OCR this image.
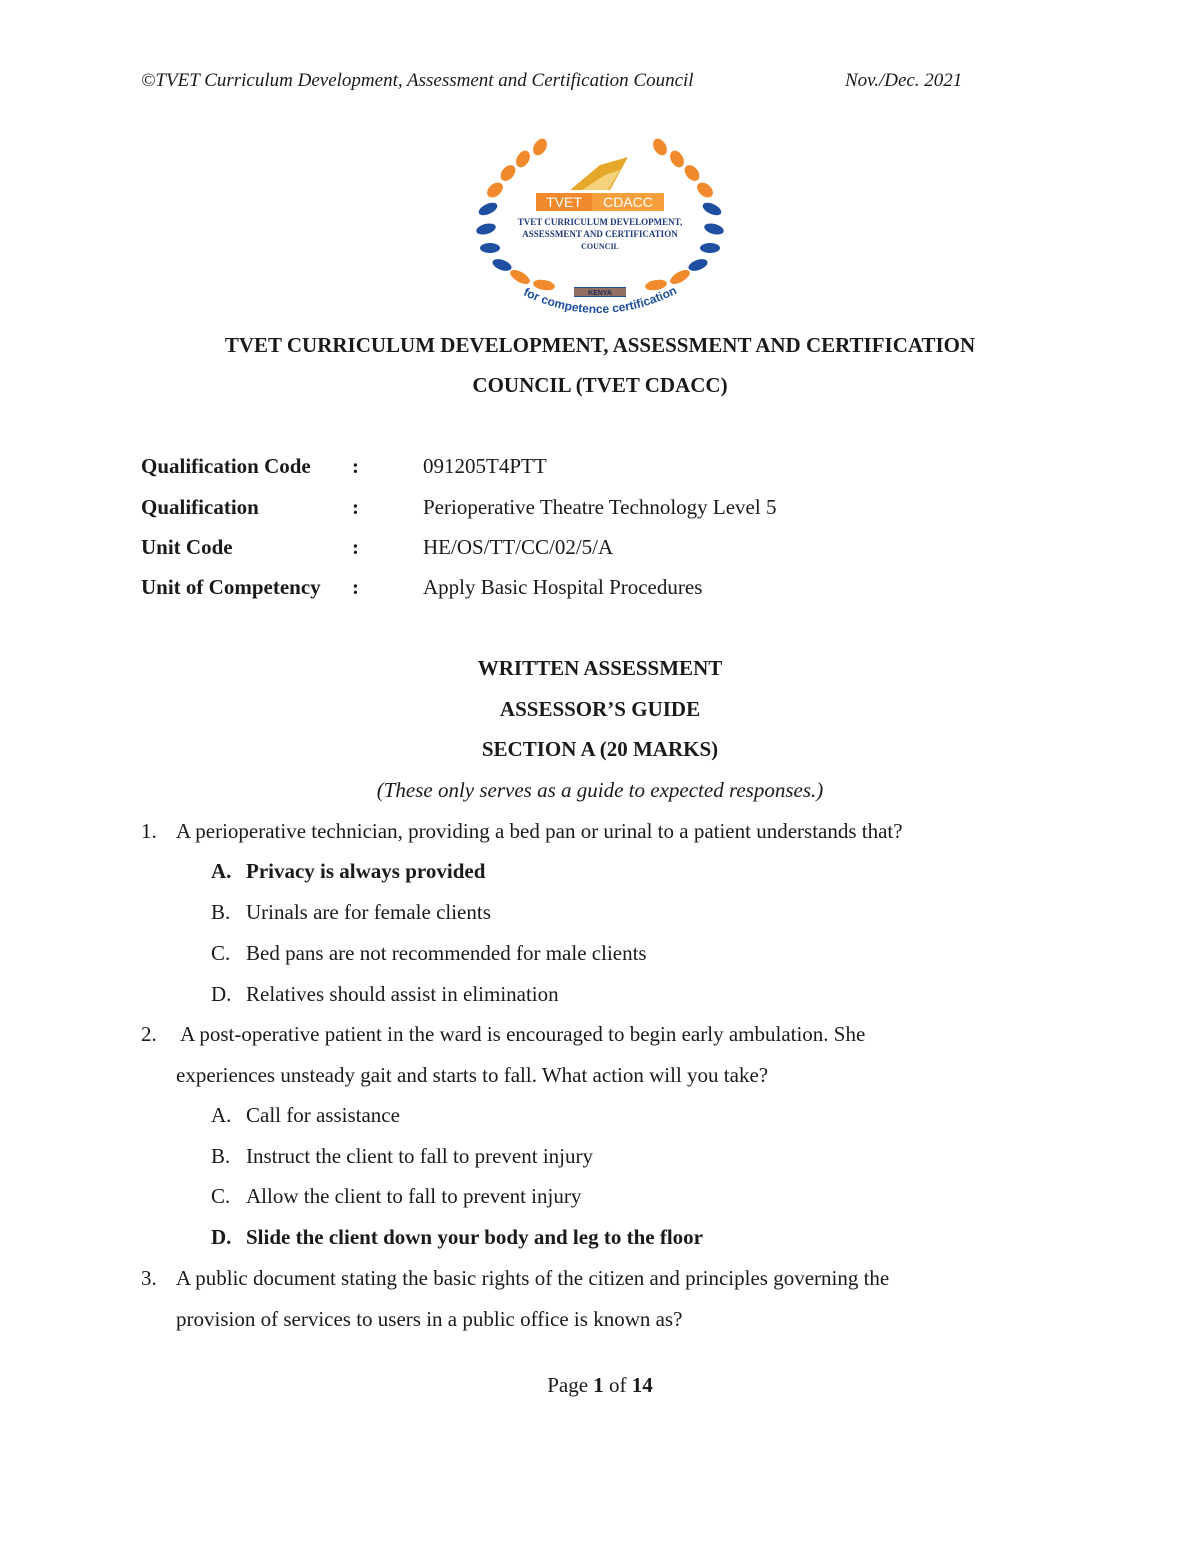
©TVET Curriculum Development, Assessment and Certification Council	Nov./Dec. 2021
TVET CDACC
TVET CURRICULUM DEVELOPMENT,
ASSESSMENT AND CERTIFICATION
COUNCIL
KENYA
for competence certification
TVET CURRICULUM DEVELOPMENT, ASSESSMENT AND CERTIFICATION
COUNCIL (TVET CDACC)
Qualification Code :	091205T4PTT
Qualification	:	Perioperative Theatre Technology Level 5
Unit Code	:	HE/OS/TT/CC/02/5/A
Unit of Competency :	Apply Basic Hospital Procedures
WRITTEN ASSESSMENT
ASSESSOR’S GUIDE
SECTION A (20 MARKS)
(These only serves as a guide to expected responses.)
1. A perioperative technician, providing a bed pan or urinal to a patient understands that?
A. Privacy is always provided
B. Urinals are for female clients
C. Bed pans are not recommended for male clients
D. Relatives should assist in elimination
2. A post-operative patient in the ward is encouraged to begin early ambulation. She
experiences unsteady gait and starts to fall. What action will you take?
A. Call for assistance
B. Instruct the client to fall to prevent injury
C. Allow the client to fall to prevent injury
D. Slide the client down your body and leg to the floor
3. A public document stating the basic rights of the citizen and principles governing the
provision of services to users in a public office is known as?
Page 1 of 14
